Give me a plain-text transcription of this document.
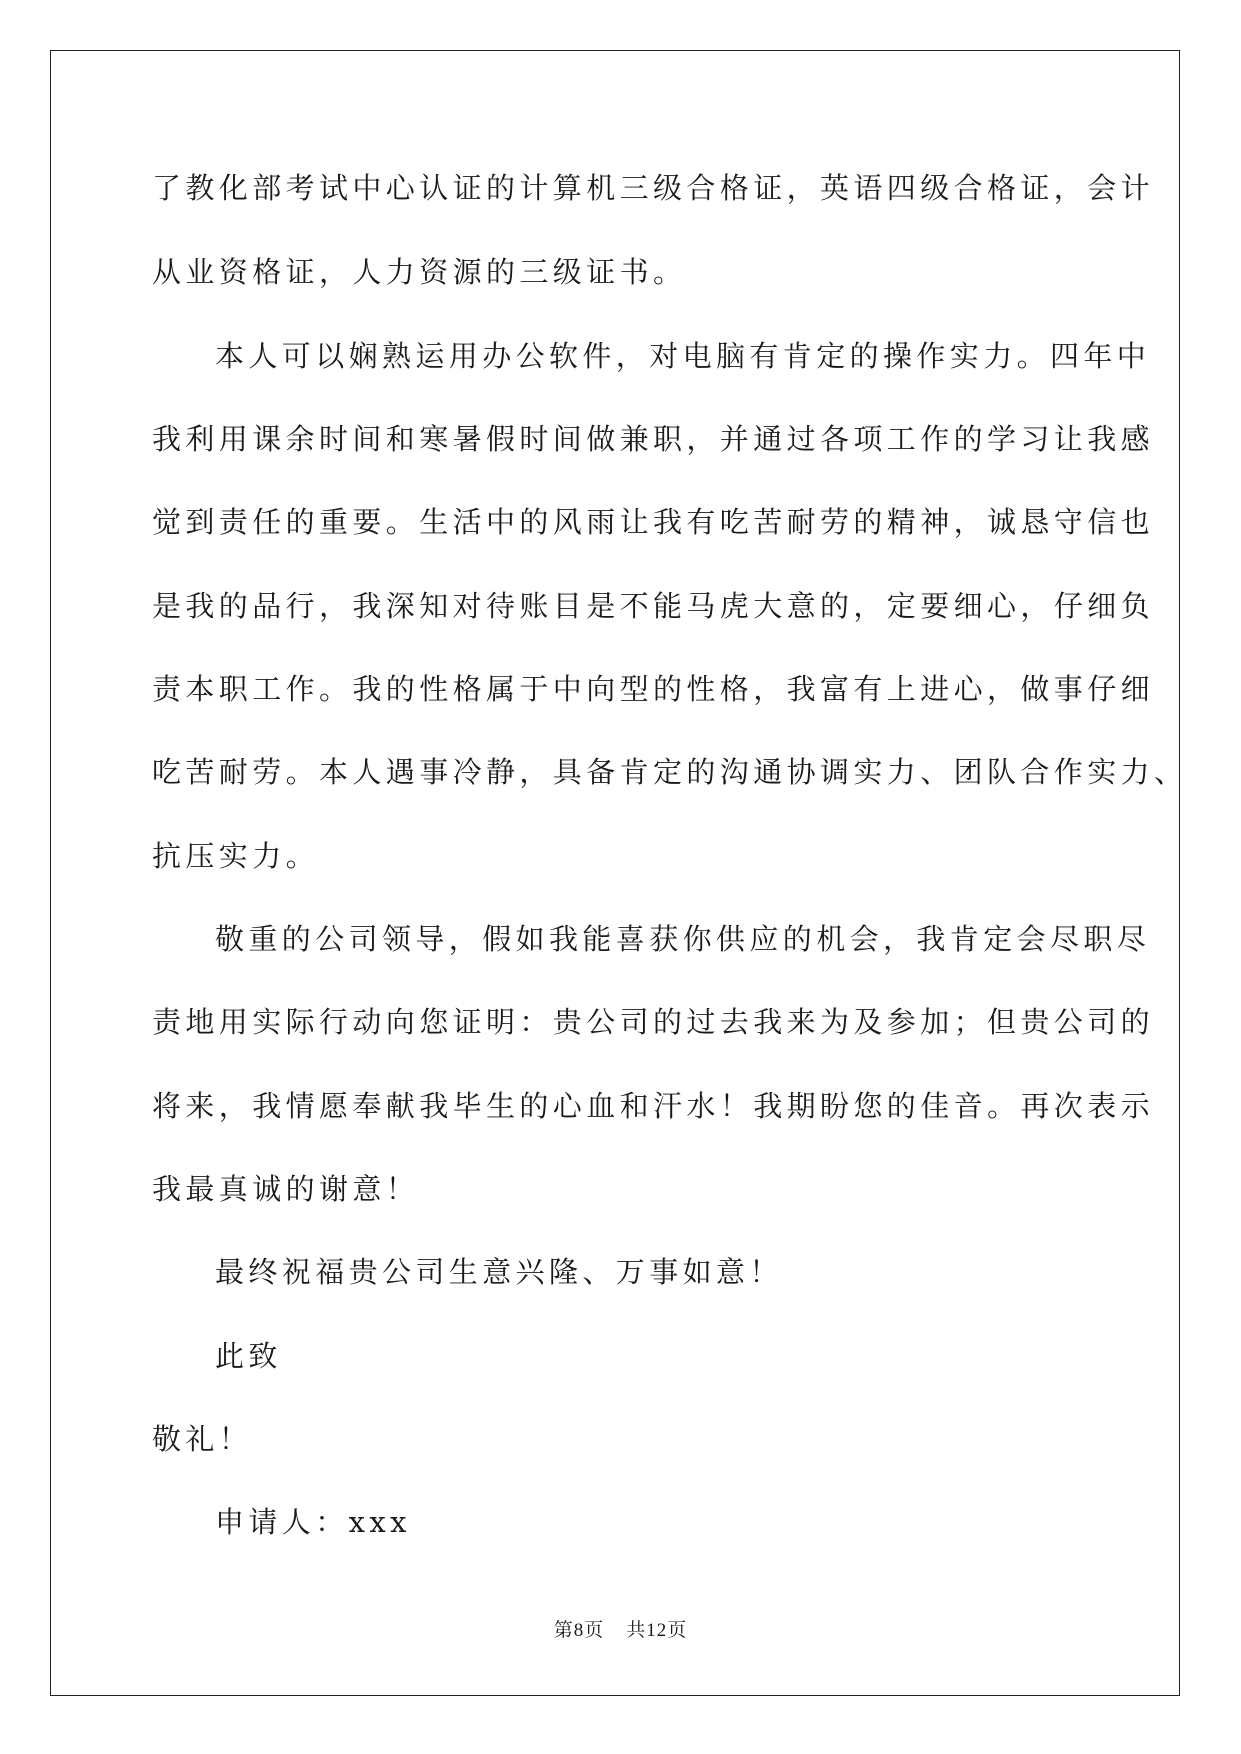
了教化部考试中心认证的计算机三级合格证，英语四级合格证，会计
从业资格证，人力资源的三级证书。
本人可以娴熟运用办公软件，对电脑有肯定的操作实力。四年中
我利用课余时间和寒暑假时间做兼职，并通过各项工作的学习让我感
觉到责任的重要。生活中的风雨让我有吃苦耐劳的精神，诚恳守信也
是我的品行，我深知对待账目是不能马虎大意的，定要细心，仔细负
责本职工作。我的性格属于中向型的性格，我富有上进心，做事仔细
吃苦耐劳。本人遇事冷静，具备肯定的沟通协调实力、团队合作实力、
抗压实力。
敬重的公司领导，假如我能喜获你供应的机会，我肯定会尽职尽
责地用实际行动向您证明：贵公司的过去我来为及参加；但贵公司的
将来，我情愿奉献我毕生的心血和汗水！我期盼您的佳音。再次表示
我最真诚的谢意！
最终祝福贵公司生意兴隆、万事如意！
此致
敬礼！
申请人：xxx
第8页 共12页
